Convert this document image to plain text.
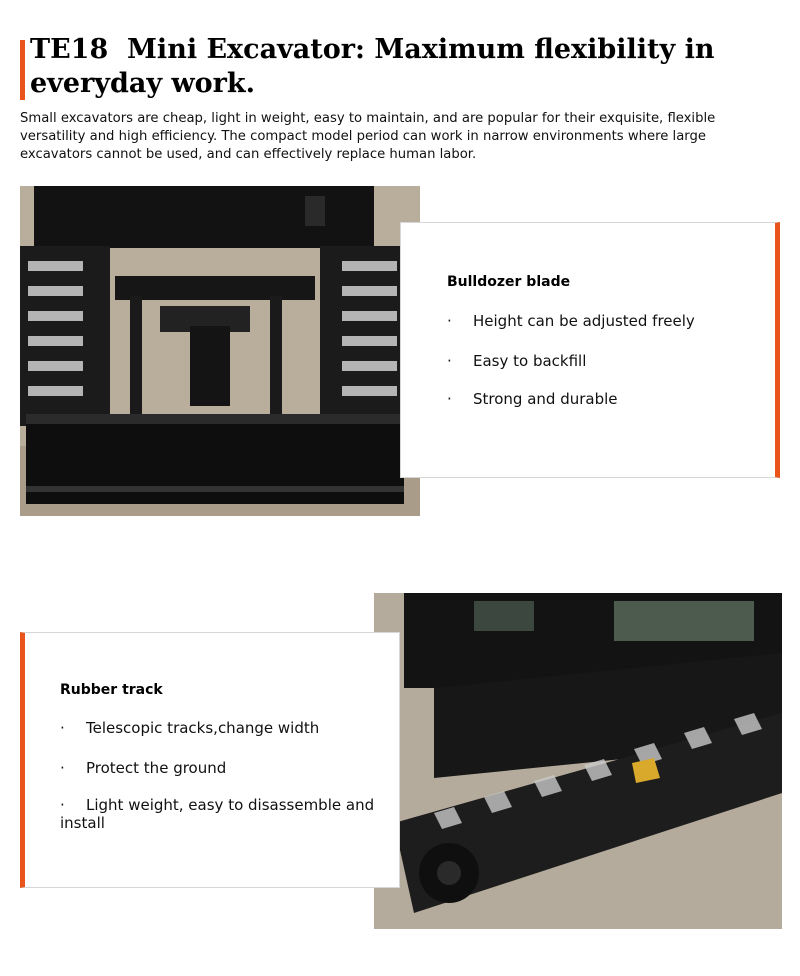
TE18  Mini Excavator: Maximum flexibility in everyday work.

Small excavators are cheap, light in weight, easy to maintain, and are popular for their exquisite, flexible versatility and high efficiency. The compact model period can work in narrow environments where large excavators cannot be used, and can effectively replace human labor.

Bulldozer blade

· Height can be adjusted freely

· Easy to backfill

· Strong and durable

Rubber track

· Telescopic tracks,change width

· Protect the ground

· Light weight, easy to disassemble and install
